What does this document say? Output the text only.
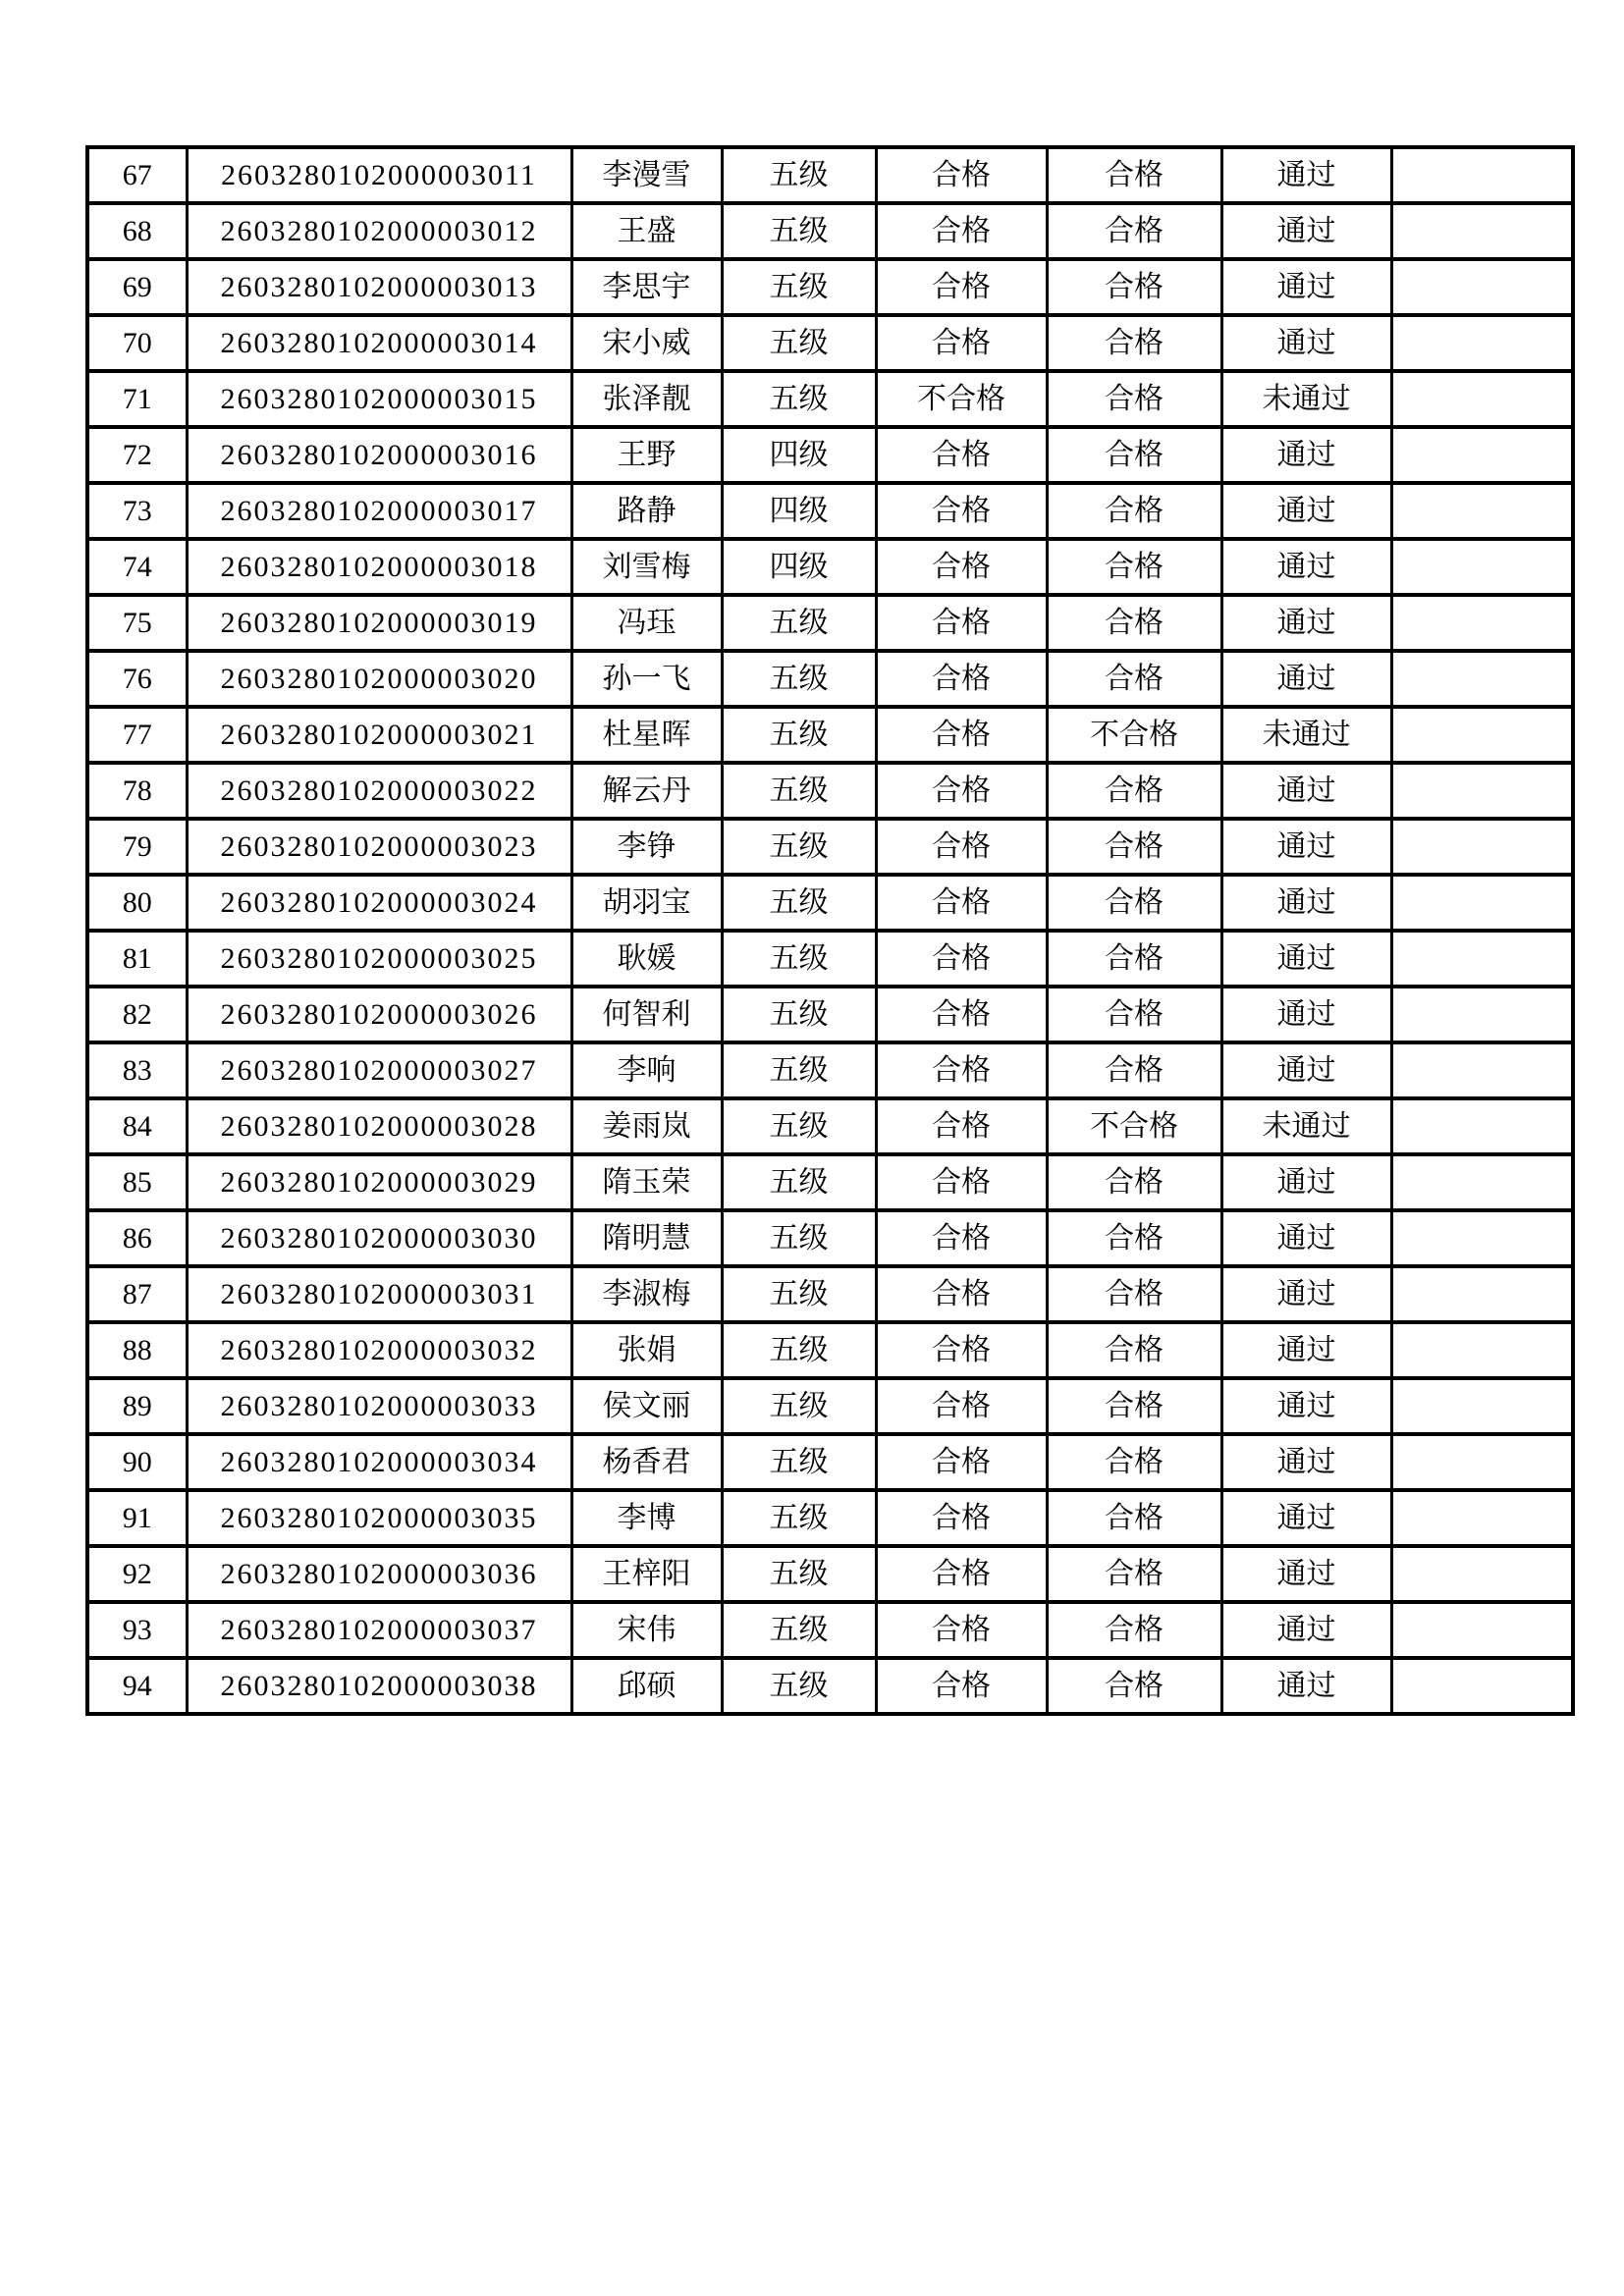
67	2603280102000003011	李漫雪	五级	合格	合格	通过	
68	2603280102000003012	王盛	五级	合格	合格	通过	
69	2603280102000003013	李思宇	五级	合格	合格	通过	
70	2603280102000003014	宋小威	五级	合格	合格	通过	
71	2603280102000003015	张泽靓	五级	不合格	合格	未通过	
72	2603280102000003016	王野	四级	合格	合格	通过	
73	2603280102000003017	路静	四级	合格	合格	通过	
74	2603280102000003018	刘雪梅	四级	合格	合格	通过	
75	2603280102000003019	冯珏	五级	合格	合格	通过	
76	2603280102000003020	孙一飞	五级	合格	合格	通过	
77	2603280102000003021	杜星晖	五级	合格	不合格	未通过	
78	2603280102000003022	解云丹	五级	合格	合格	通过	
79	2603280102000003023	李铮	五级	合格	合格	通过	
80	2603280102000003024	胡羽宝	五级	合格	合格	通过	
81	2603280102000003025	耿媛	五级	合格	合格	通过	
82	2603280102000003026	何智利	五级	合格	合格	通过	
83	2603280102000003027	李响	五级	合格	合格	通过	
84	2603280102000003028	姜雨岚	五级	合格	不合格	未通过	
85	2603280102000003029	隋玉荣	五级	合格	合格	通过	
86	2603280102000003030	隋明慧	五级	合格	合格	通过	
87	2603280102000003031	李淑梅	五级	合格	合格	通过	
88	2603280102000003032	张娟	五级	合格	合格	通过	
89	2603280102000003033	侯文丽	五级	合格	合格	通过	
90	2603280102000003034	杨香君	五级	合格	合格	通过	
91	2603280102000003035	李博	五级	合格	合格	通过	
92	2603280102000003036	王梓阳	五级	合格	合格	通过	
93	2603280102000003037	宋伟	五级	合格	合格	通过	
94	2603280102000003038	邱硕	五级	合格	合格	通过	
